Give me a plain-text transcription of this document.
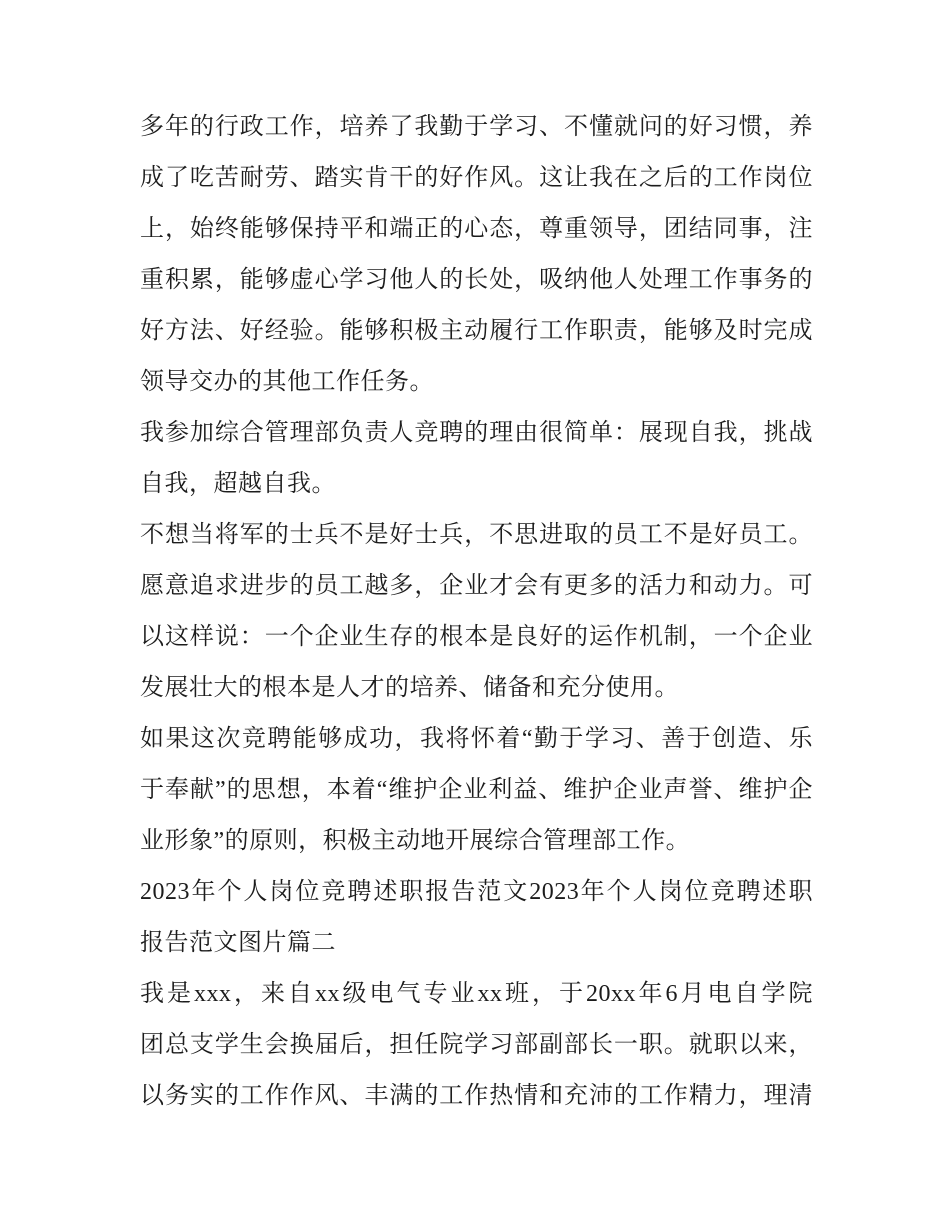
多年的行政工作，培养了我勤于学习、不懂就问的好习惯，养
成了吃苦耐劳、踏实肯干的好作风。这让我在之后的工作岗位
上，始终能够保持平和端正的心态，尊重领导，团结同事，注
重积累，能够虚心学习他人的长处，吸纳他人处理工作事务的
好方法、好经验。能够积极主动履行工作职责，能够及时完成
领导交办的其他工作任务。
我参加综合管理部负责人竞聘的理由很简单：展现自我，挑战
自我，超越自我。
不想当将军的士兵不是好士兵，不思进取的员工不是好员工。
愿意追求进步的员工越多，企业才会有更多的活力和动力。可
以这样说：一个企业生存的根本是良好的运作机制，一个企业
发展壮大的根本是人才的培养、储备和充分使用。
如果这次竞聘能够成功，我将怀着“勤于学习、善于创造、乐
于奉献”的思想，本着“维护企业利益、维护企业声誉、维护企
业形象”的原则，积极主动地开展综合管理部工作。
2023年个人岗位竞聘述职报告范文2023年个人岗位竞聘述职
报告范文图片篇二
我是xxx，来自xx级电气专业xx班，于20xx年6月电自学院
团总支学生会换届后，担任院学习部副部长一职。就职以来，
以务实的工作作风、丰满的工作热情和充沛的工作精力，理清
